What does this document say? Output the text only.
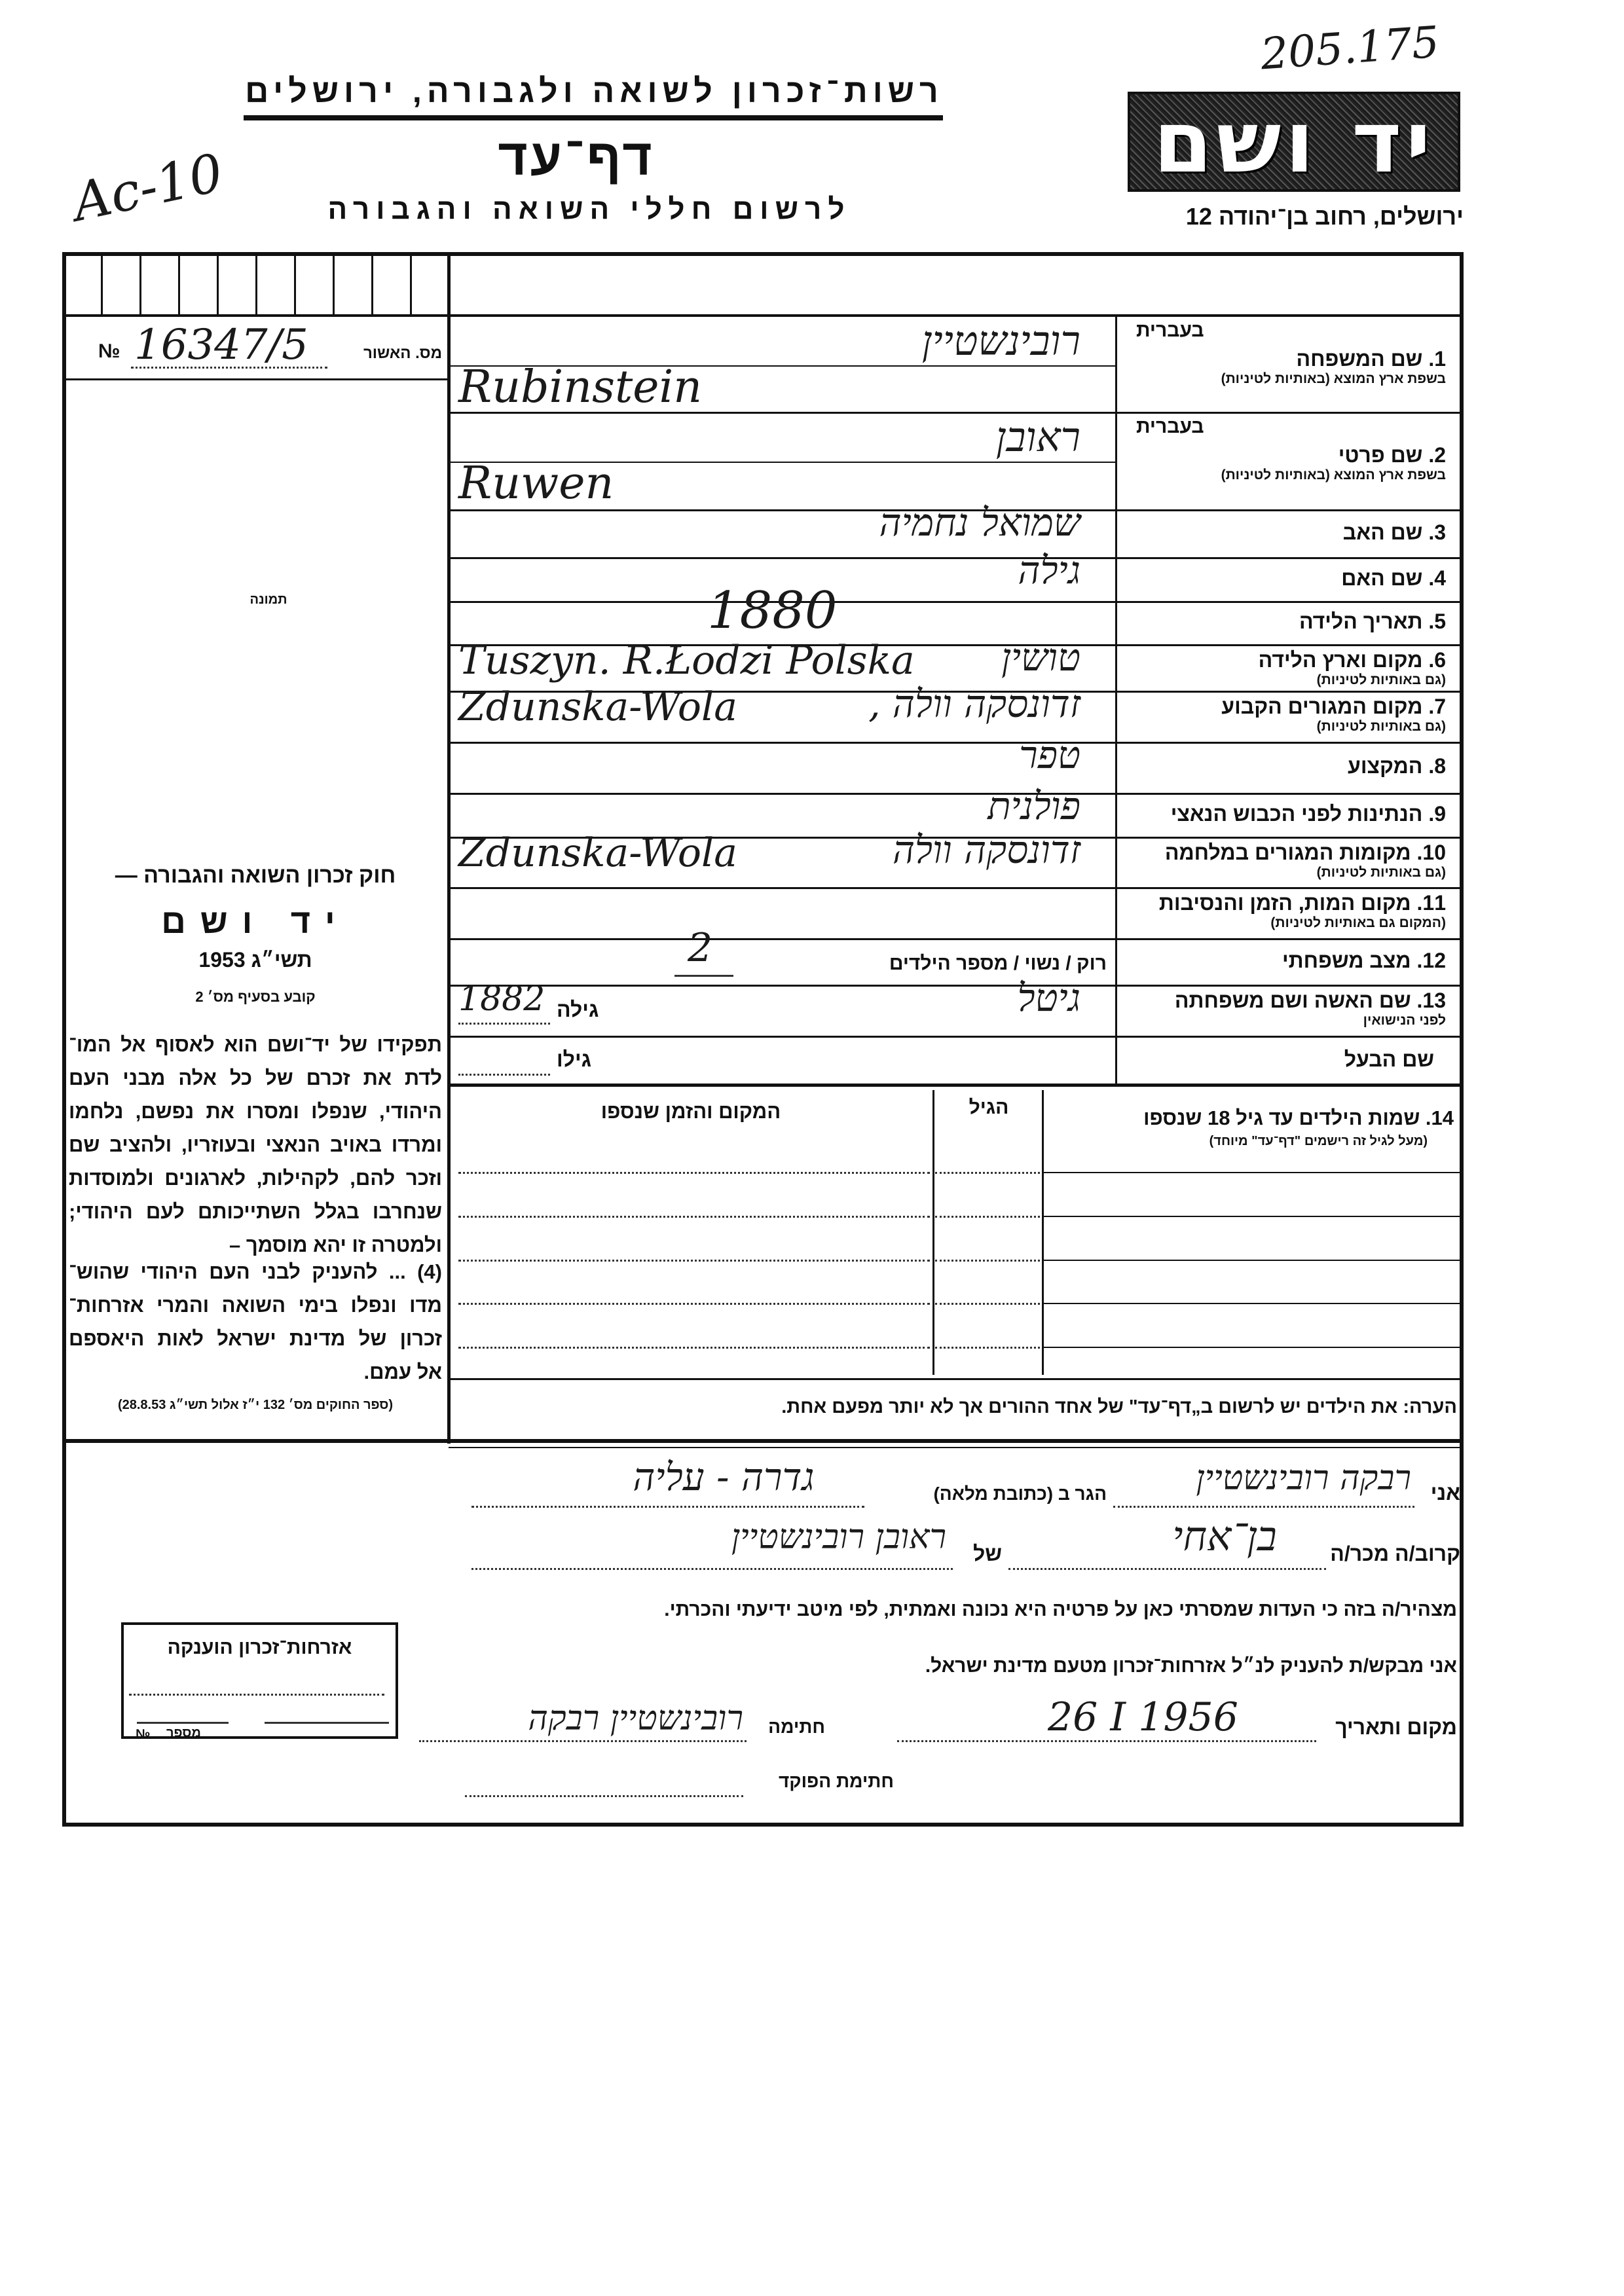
205.175
Ac-10
רשות־זכרון לשואה ולגבורה, ירושלים
דף־עד
לרשום חללי השואה והגבורה
יד ושם
ירושלים, רחוב בן־יהודה 12
№ 16347/5	מס. האשור
תמונה
חוק זכרון השואה והגבורה —
יד ושם
תשי״ג 1953
קובע בסעיף מס׳ 2
תפקידו של יד־ושם הוא לאסוף אל המו־
לדת את זכרם של כל אלה מבני העם
היהודי, שנפלו ומסרו את נפשם, נלחמו
ומרדו באויב הנאצי ובעוזריו, ולהציב שם
וזכר להם, לקהילות, לארגונים ולמוסדות
שנחרבו בגלל השתייכותם לעם היהודי;
ולמטרה זו יהא מוסמך –
(4) ... להעניק לבני העם היהודי שהוש־
מדו ונפלו בימי השואה והמרי אזרחות־
זכרון של מדינת ישראל לאות היאספם
אל עמם.
(ספר החוקים מס׳ 132 י״ז אלול תשי״ג 28.8.53)
בעברית
1. שם המשפחה
בשפת ארץ המוצא (באותיות לטיניות)
רובינשטיין
Rubinstein
בעברית
2. שם פרטי
בשפת ארץ המוצא (באותיות לטיניות)
ראובן
Ruwen
3. שם האב
שמואל נחמיה
4. שם האם
גילה
5. תאריך הלידה
1880
6. מקום וארץ הלידה
(גם באותיות לטיניות)
טושין
Tuszyn. R.Łodzi Polska
7. מקום המגורים הקבוע
(גם באותיות לטיניות)
זדונסקה וולה ,
Zdunska-Wola
8. המקצוע
טפר
9. הנתינות לפני הכבוש הנאצי
פולנית
10. מקומות המגורים במלחמה
(גם באותיות לטיניות)
זדונסקה וולה
Zdunska-Wola
11. מקום המות, הזמן והנסיבות
(המקום גם באותיות לטיניות)
12. מצב משפחתי
רוק / נשוי / מספר הילדים
2
13. שם האשה ושם משפחתה
לפני הנישואין
גיטל
גילה
1882
שם הבעל
גילו
14. שמות הילדים עד גיל 18 שנספו
(מעל לגיל זה רישמים "דף־עד" מיוחד)
הגיל
המקום והזמן שנספו
הערה: את הילדים יש לרשום ב„דף־עד" של אחד ההורים אך לא יותר מפעם אחת.
אני
רבקה רובינשטיין
הגר ב (כתובת מלאה)
גדרה - עליה
קרוב/ה מכר/ה
בן־אחי
של
ראובן רובינשטיין
מצהיר/ה בזה כי העדות שמסרתי כאן על פרטיה היא נכונה ואמתית, לפי מיטב ידיעתי והכרתי.
אני מבקש/ת להעניק לנ״ל אזרחות־זכרון מטעם מדינת ישראל.
מקום ותאריך
26 I 1956
חתימה
רובינשטיין רבקה
חתימת הפוקד
אזרחות־זכרון הוענקה
№ מספר
